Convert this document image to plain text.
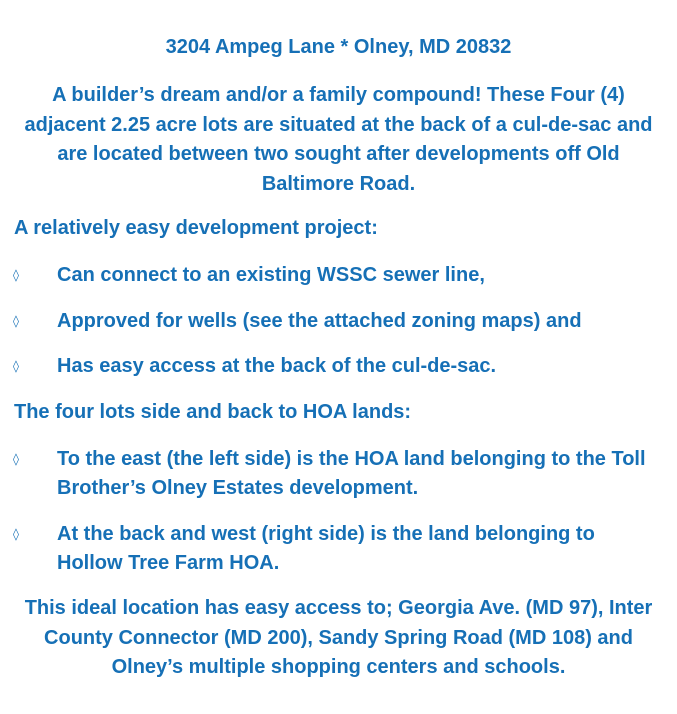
3204 Ampeg Lane * Olney, MD 20832

A builder’s dream and/or a family compound! These Four (4) adjacent 2.25 acre lots are situated at the back of a cul-de-sac and are located between two sought after developments off Old Baltimore Road.

A relatively easy development project:

◊ Can connect to an existing WSSC sewer line,
◊ Approved for wells (see the attached zoning maps) and
◊ Has easy access at the back of the cul-de-sac.

The four lots side and back to HOA lands:

◊ To the east (the left side) is the HOA land belonging to the Toll Brother’s Olney Estates development.
◊ At the back and west (right side) is the land belonging to Hollow Tree Farm HOA.

This ideal location has easy access to; Georgia Ave. (MD 97), Inter County Connector (MD 200), Sandy Spring Road (MD 108) and Olney’s multiple shopping centers and schools.
